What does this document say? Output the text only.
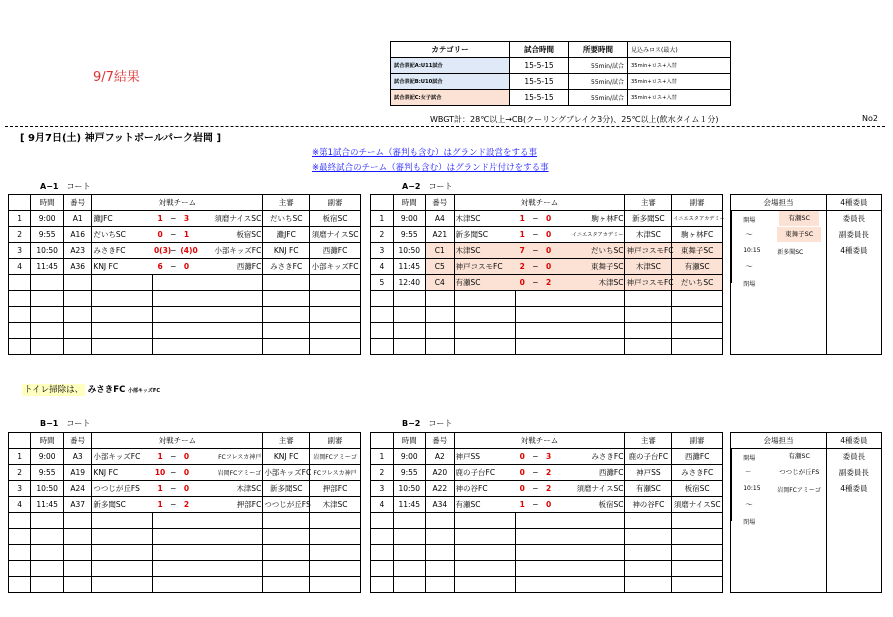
9/7結果
カテゴリー	試合時間	所要時間	見込みロス(最大)
試合表記A:U11試合	15-5-15	55min/試合	35min+ロス+入替
試合表記B:U10試合	15-5-15	55min/試合	35min+ロス+入替
試合表記C:女子試合	15-5-15	55min/試合	35min+ロス+入替
WBGT計：28℃以上→CB(クーリングブレイク3分)、25℃以上(飲水タイム１分)	No2
[ 9月7日(土) 神戸フットボールパーク岩岡 ]
※第1試合のチーム（審判も含む）はグランド設営をする事
※最終試合のチーム（審判も含む）はグランド片付けをする事
A−1 コート	A−2 コート
B−1 コート	B−2 コート
	時間	番号	対戦チーム					主審	副審			時間	番号	対戦チーム					主審	副審		会場担当	4種委員
1	9:00	A1	灘JFC	1	−	3	須磨ナイスSC	だいちSC	板宿SC		1	9:00	A4	木津SC	1	−	0	駒ヶ林FC	新多聞SC	イニエスタアカデミー		開場 有瀬SC	委員長
2	9:55	A16	だいちSC	0	−	1	板宿SC	灘JFC	須磨ナイスSC		2	9:55	A21	新多聞SC	1	−	0	イニエスタアカデミー	木津SC	駒ヶ林FC		〜 東舞子SC	副委員長
3	10:50	A23	みさきFC	0(3)	−	(4)0	小部キッズFC	KNJ FC	西灘FC		3	10:50	C1	木津SC	7	−	0	だいちSC	神戸コスモFC	東舞子SC		10:15 新多聞SC	4種委員
4	11:45	A36	KNJ FC	6	−	0	西灘FC	みさきFC	小部キッズFC		4	11:45	C5	神戸コスモFC	2	−	0	東舞子SC	木津SC	有瀬SC		〜	

											5	12:40	C4	有瀬SC	0	−	2	木津SC	神戸コスモFC	だいちSC		閉場	

	時間	番号	対戦チーム					主審	副審			時間	番号	対戦チーム					主審	副審		会場担当	4種委員
1	9:00	A3	小部キッズFC	1	−	0	FCフレスカ神戸	KNJ FC	岩岡FCアミーゴ		1	9:00	A2	神戸SS	0	−	3	みさきFC	鹿の子台FC	西灘FC		開場 有瀬SC	委員長
2	9:55	A19	KNJ FC	10	−	0	岩岡FCアミーゴ	小部キッズFC	FCフレスカ神戸		2	9:55	A20	鹿の子台FC	0	−	2	西灘FC	神戸SS	みさきFC		〜 つつじが丘FS	副委員長
3	10:50	A24	つつじが丘FS	1	−	0	木津SC	新多聞SC	押部FC		3	10:50	A22	神の谷FC	0	−	2	須磨ナイスSC	有瀬SC	板宿SC		10:15 岩岡FCアミーゴ	4種委員
4	11:45	A37	新多聞SC	1	−	2	押部FC	つつじが丘FS	木津SC		4	11:45	A34	有瀬SC	1	−	0	板宿SC	神の谷FC	須磨ナイスSC		〜	

																						閉場	

トイレ掃除は、 みさきFC 小部キッズFC
